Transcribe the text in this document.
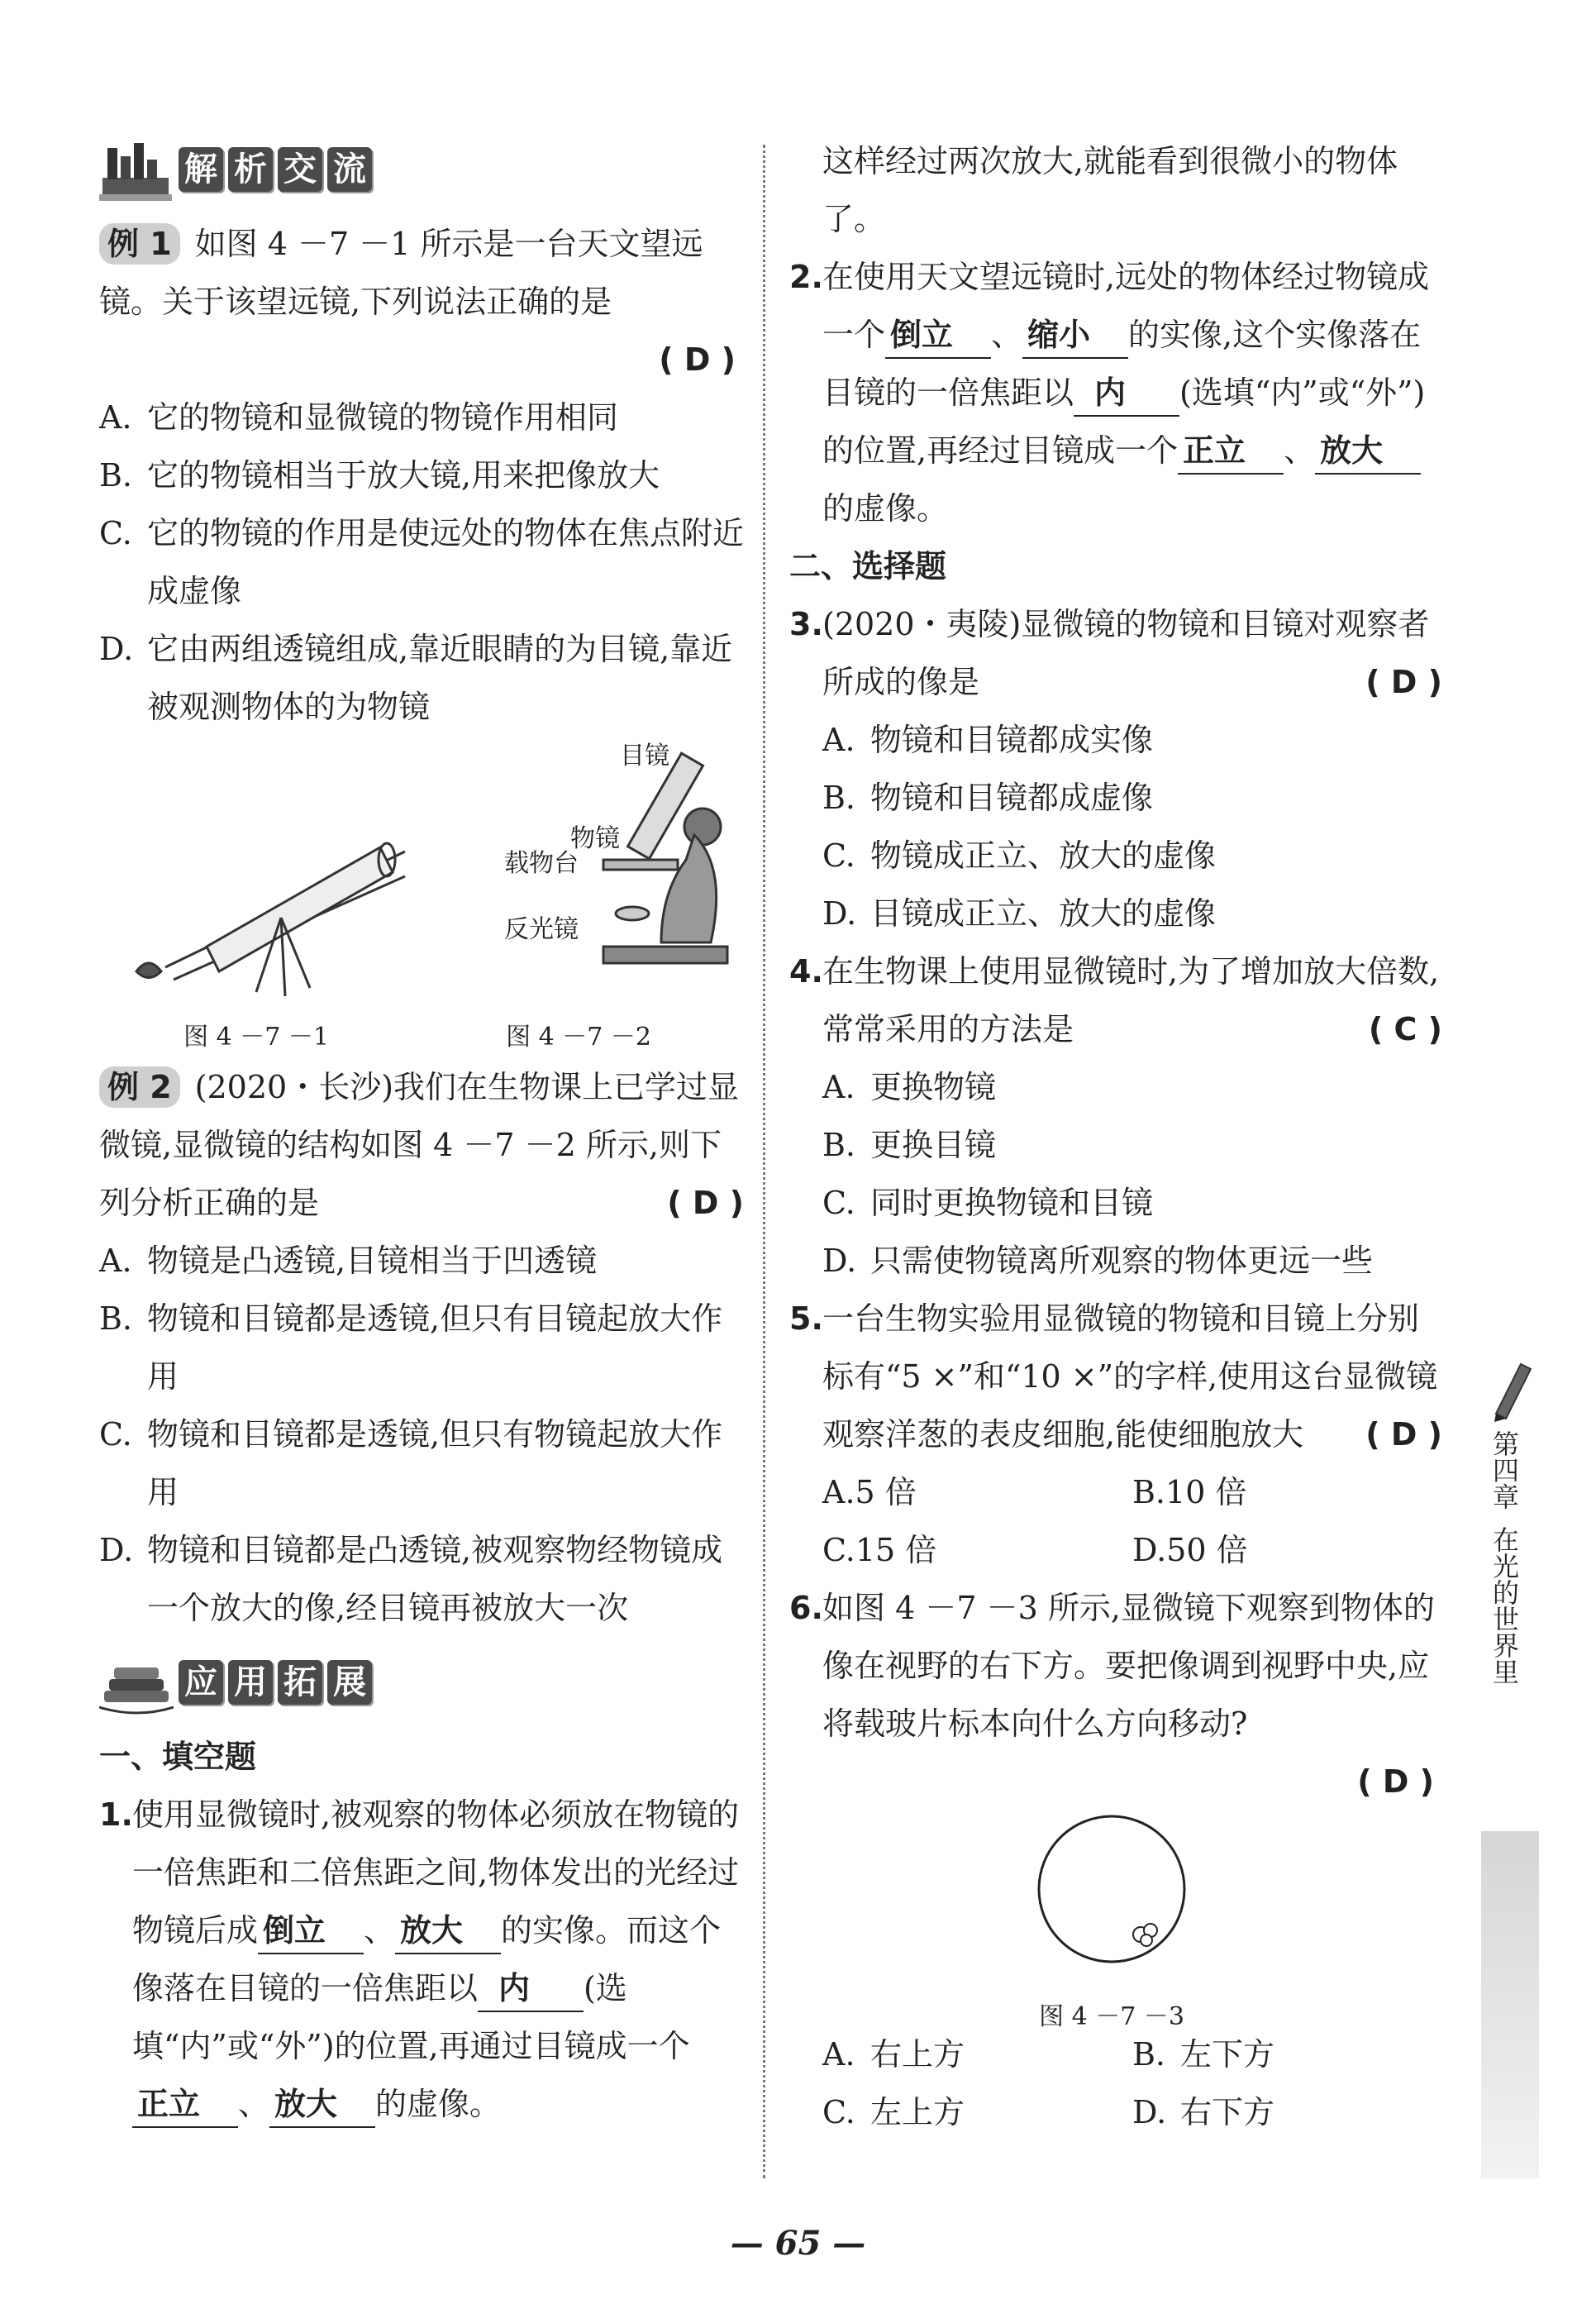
解 析 交 流

例 1 如图 4 －7 －1 所示是一台天文望远镜。关于该望远镜,下列说法正确的是

( D )

A. 它的物镜和显微镜的物镜作用相同

B. 它的物镜相当于放大镜,用来把像放大

C. 它的物镜的作用是使远处的物体在焦点附近成虚像

D. 它由两组透镜组成,靠近眼睛的为目镜,靠近被观测物体的为物镜

图 4 －7 －1
目镜
物镜
载物台
反光镜
图 4 －7 －2

例 2 (2020・长沙)我们在生物课上已学过显微镜,显微镜的结构如图 4 －7 －2 所示,则下列分析正确的是	( D )

A. 物镜是凸透镜,目镜相当于凹透镜

B. 物镜和目镜都是透镜,但只有目镜起放大作用

C. 物镜和目镜都是透镜,但只有物镜起放大作用

D. 物镜和目镜都是凸透镜,被观察物经物镜成一个放大的像,经目镜再被放大一次

应 用 拓 展

一、填空题

1.使用显微镜时,被观察的物体必须放在物镜的一倍焦距和二倍焦距之间,物体发出的光经过物镜后成 倒立 、 放大 的实像。而这个像落在目镜的一倍焦距以 内 (选填“内”或“外”)的位置,再通过目镜成一个正立 、 放大 的虚像。

这样经过两次放大,就能看到很微小的物体了。

2.在使用天文望远镜时,远处的物体经过物镜成一个 倒立 、 缩小 的实像,这个实像落在目镜的一倍焦距以 内 (选填“内”或“外”)的位置,再经过目镜成一个 正立 、 放大的虚像。

二、选择题

3.(2020・夷陵)显微镜的物镜和目镜对观察者所成的像是	( D )

A. 物镜和目镜都成实像

B. 物镜和目镜都成虚像

C. 物镜成正立、放大的虚像

D. 目镜成正立、放大的虚像

4.在生物课上使用显微镜时,为了增加放大倍数,常常采用的方法是	( C )

A. 更换物镜

B. 更换目镜

C. 同时更换物镜和目镜

D. 只需使物镜离所观察的物体更远一些

5.一台生物实验用显微镜的物镜和目镜上分别标有“5 ×”和“10 ×”的字样,使用这台显微镜观察洋葱的表皮细胞,能使细胞放大 ( D )

A.5 倍	B.10 倍

C.15 倍	D.50 倍

6.如图 4 －7 －3 所示,显微镜下观察到物体的像在视野的右下方。要把像调到视野中央,应将载玻片标本向什么方向移动?

( D )

图 4 －7 －3

A. 右上方	B. 左下方

C. 左上方	D. 右下方

第四章
在光的世界里
— 65 —
